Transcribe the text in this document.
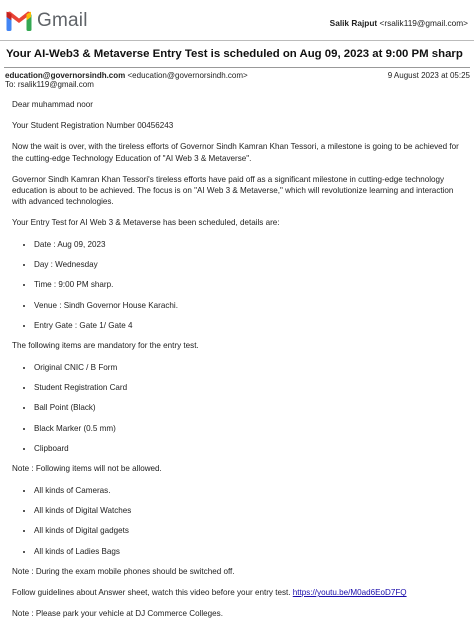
Gmail	Salik Rajput <rsalik119@gmail.com>
Your AI-Web3 & Metaverse Entry Test is scheduled on Aug 09, 2023 at 9:00 PM sharp
education@governorsindh.com <education@governorsindh.com>
To: rsalik119@gmail.com
9 August 2023 at 05:25

Dear muhammad noor

Your Student Registration Number 00456243

Now the wait is over, with the tireless efforts of Governor Sindh Kamran Khan Tessori, a milestone is going to be achieved for the cutting-edge Technology Education of "AI Web 3 & Metaverse".

Governor Sindh Kamran Khan Tessori's tireless efforts have paid off as a significant milestone in cutting-edge technology education is about to be achieved. The focus is on "AI Web 3 & Metaverse," which will revolutionize learning and interaction with advanced technologies.

Your Entry Test for AI Web 3 & Metaverse has been scheduled, details are:

• Date : Aug 09, 2023
• Day : Wednesday
• Time : 9:00 PM sharp.
• Venue : Sindh Governor House Karachi.
• Entry Gate : Gate 1/ Gate 4

The following items are mandatory for the entry test.

• Original CNIC / B Form
• Student Registration Card
• Ball Point (Black)
• Black Marker (0.5 mm)
• Clipboard

Note : Following items will not be allowed.

• All kinds of Cameras.
• All kinds of Digital Watches
• All kinds of Digital gadgets
• All kinds of Ladies Bags

Note : During the exam mobile phones should be switched off.

Follow guidelines about Answer sheet, watch this video before your entry test. https://youtu.be/M0ad6EoD7FQ

Note : Please park your vehicle at DJ Commerce Colleges.
